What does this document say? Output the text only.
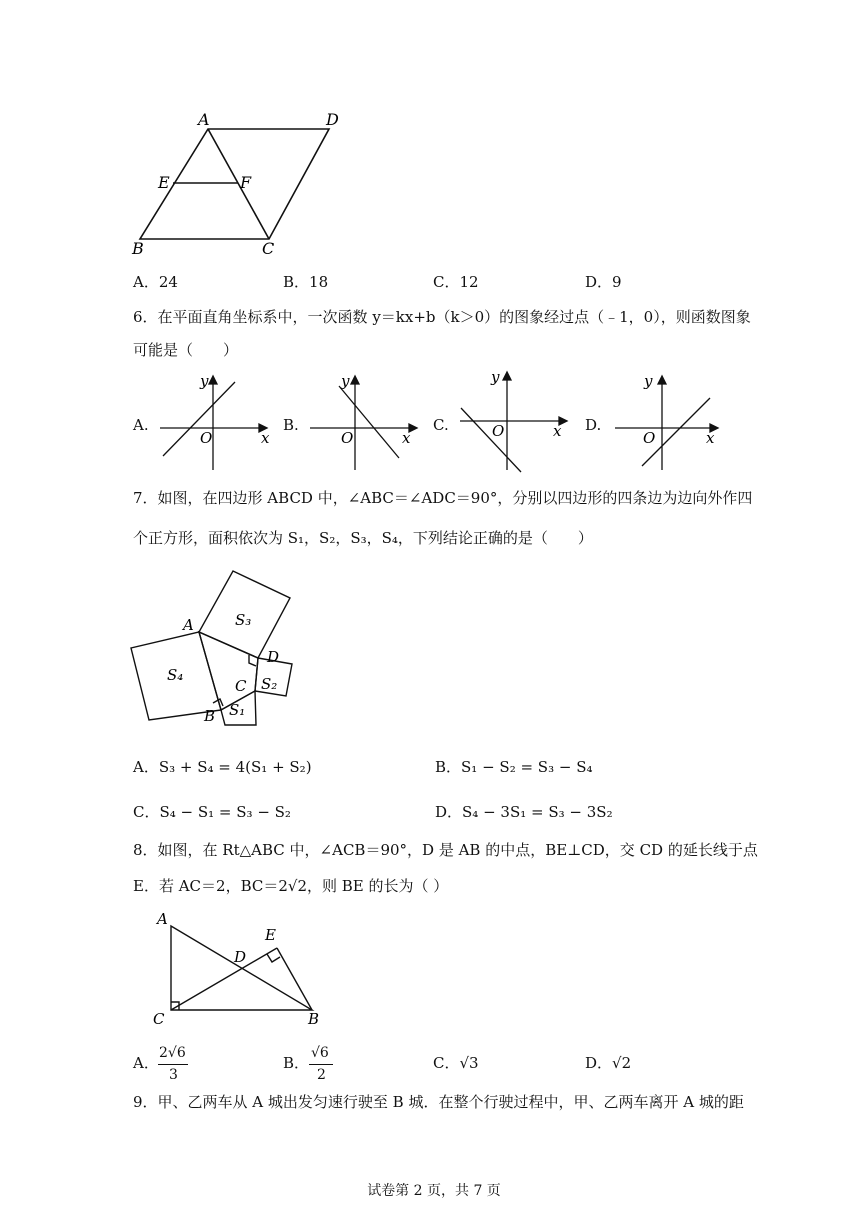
A	D
E	F
B	C
A．24	B．18	C．12	D．9
6．在平面直角坐标系中，一次函数 y＝kx+b（k＞0）的图象经过点（﹣1，0），则函数图象
可能是（　　）
A.
y
x
O
B.
y
x
O
C.
y
x
O	D.
y
x
O
7．如图，在四边形 ABCD 中，∠ABC＝∠ADC＝90°，分别以四边形的四条边为边向外作四
个正方形，面积依次为 S₁，S₂，S₃，S₄，下列结论正确的是（　　）
A
B
C
D
S₃
S₄	S₂
S₁
A．S₃ + S₄ = 4(S₁ + S₂)	B．S₁ − S₂ = S₃ − S₄
C．S₄ − S₁ = S₃ − S₂	D．S₄ − 3S₁ = S₃ − 3S₂
8．如图，在 Rt△ABC 中，∠ACB＝90°，D 是 AB 的中点，BE⊥CD，交 CD 的延长线于点
E．若 AC＝2，BC＝2√2，则 BE 的长为（ ）
A
E
D
C	B
A．
2√6
3
B．
√6
2
C．√3	D．√2
9．甲、乙两车从 A 城出发匀速行驶至 B 城．在整个行驶过程中，甲、乙两车离开 A 城的距
试卷第 2 页，共 7 页
